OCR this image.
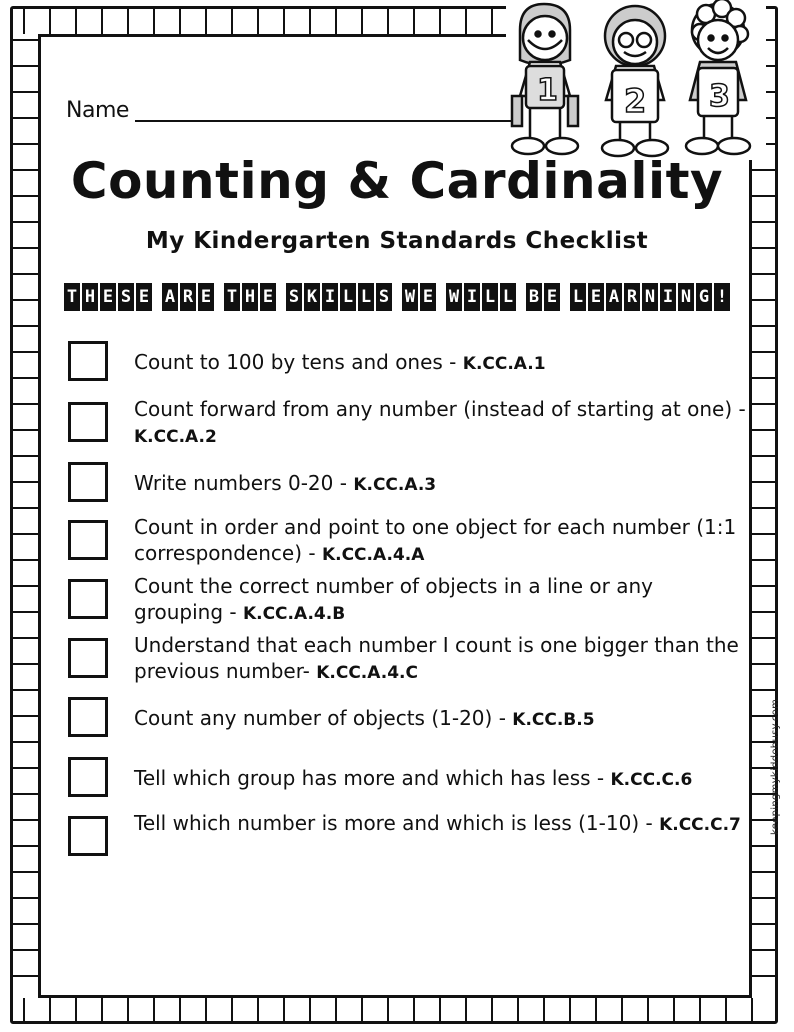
1 2 3
Name
Counting & Cardinality
My Kindergarten Standards Checklist
T H E S E A R E T H E S K I L L S W E W I L L B E L E A R N I N G !
Count to 100 by tens and ones - K.CC.A.1
Count forward from any number (instead of starting at one) - K.CC.A.2
Write numbers 0-20 - K.CC.A.3
Count in order and point to one object for each number (1:1 correspondence) - K.CC.A.4.A
Count the correct number of objects in a line or any grouping - K.CC.A.4.B
Understand that each number I count is one bigger than the previous number- K.CC.A.4.C
Count any number of objects (1-20) - K.CC.B.5
Tell which group has more and which has less - K.CC.C.6
Tell which number is more and which is less (1-10) - K.CC.C.7	keepingmykiddobusy.com
